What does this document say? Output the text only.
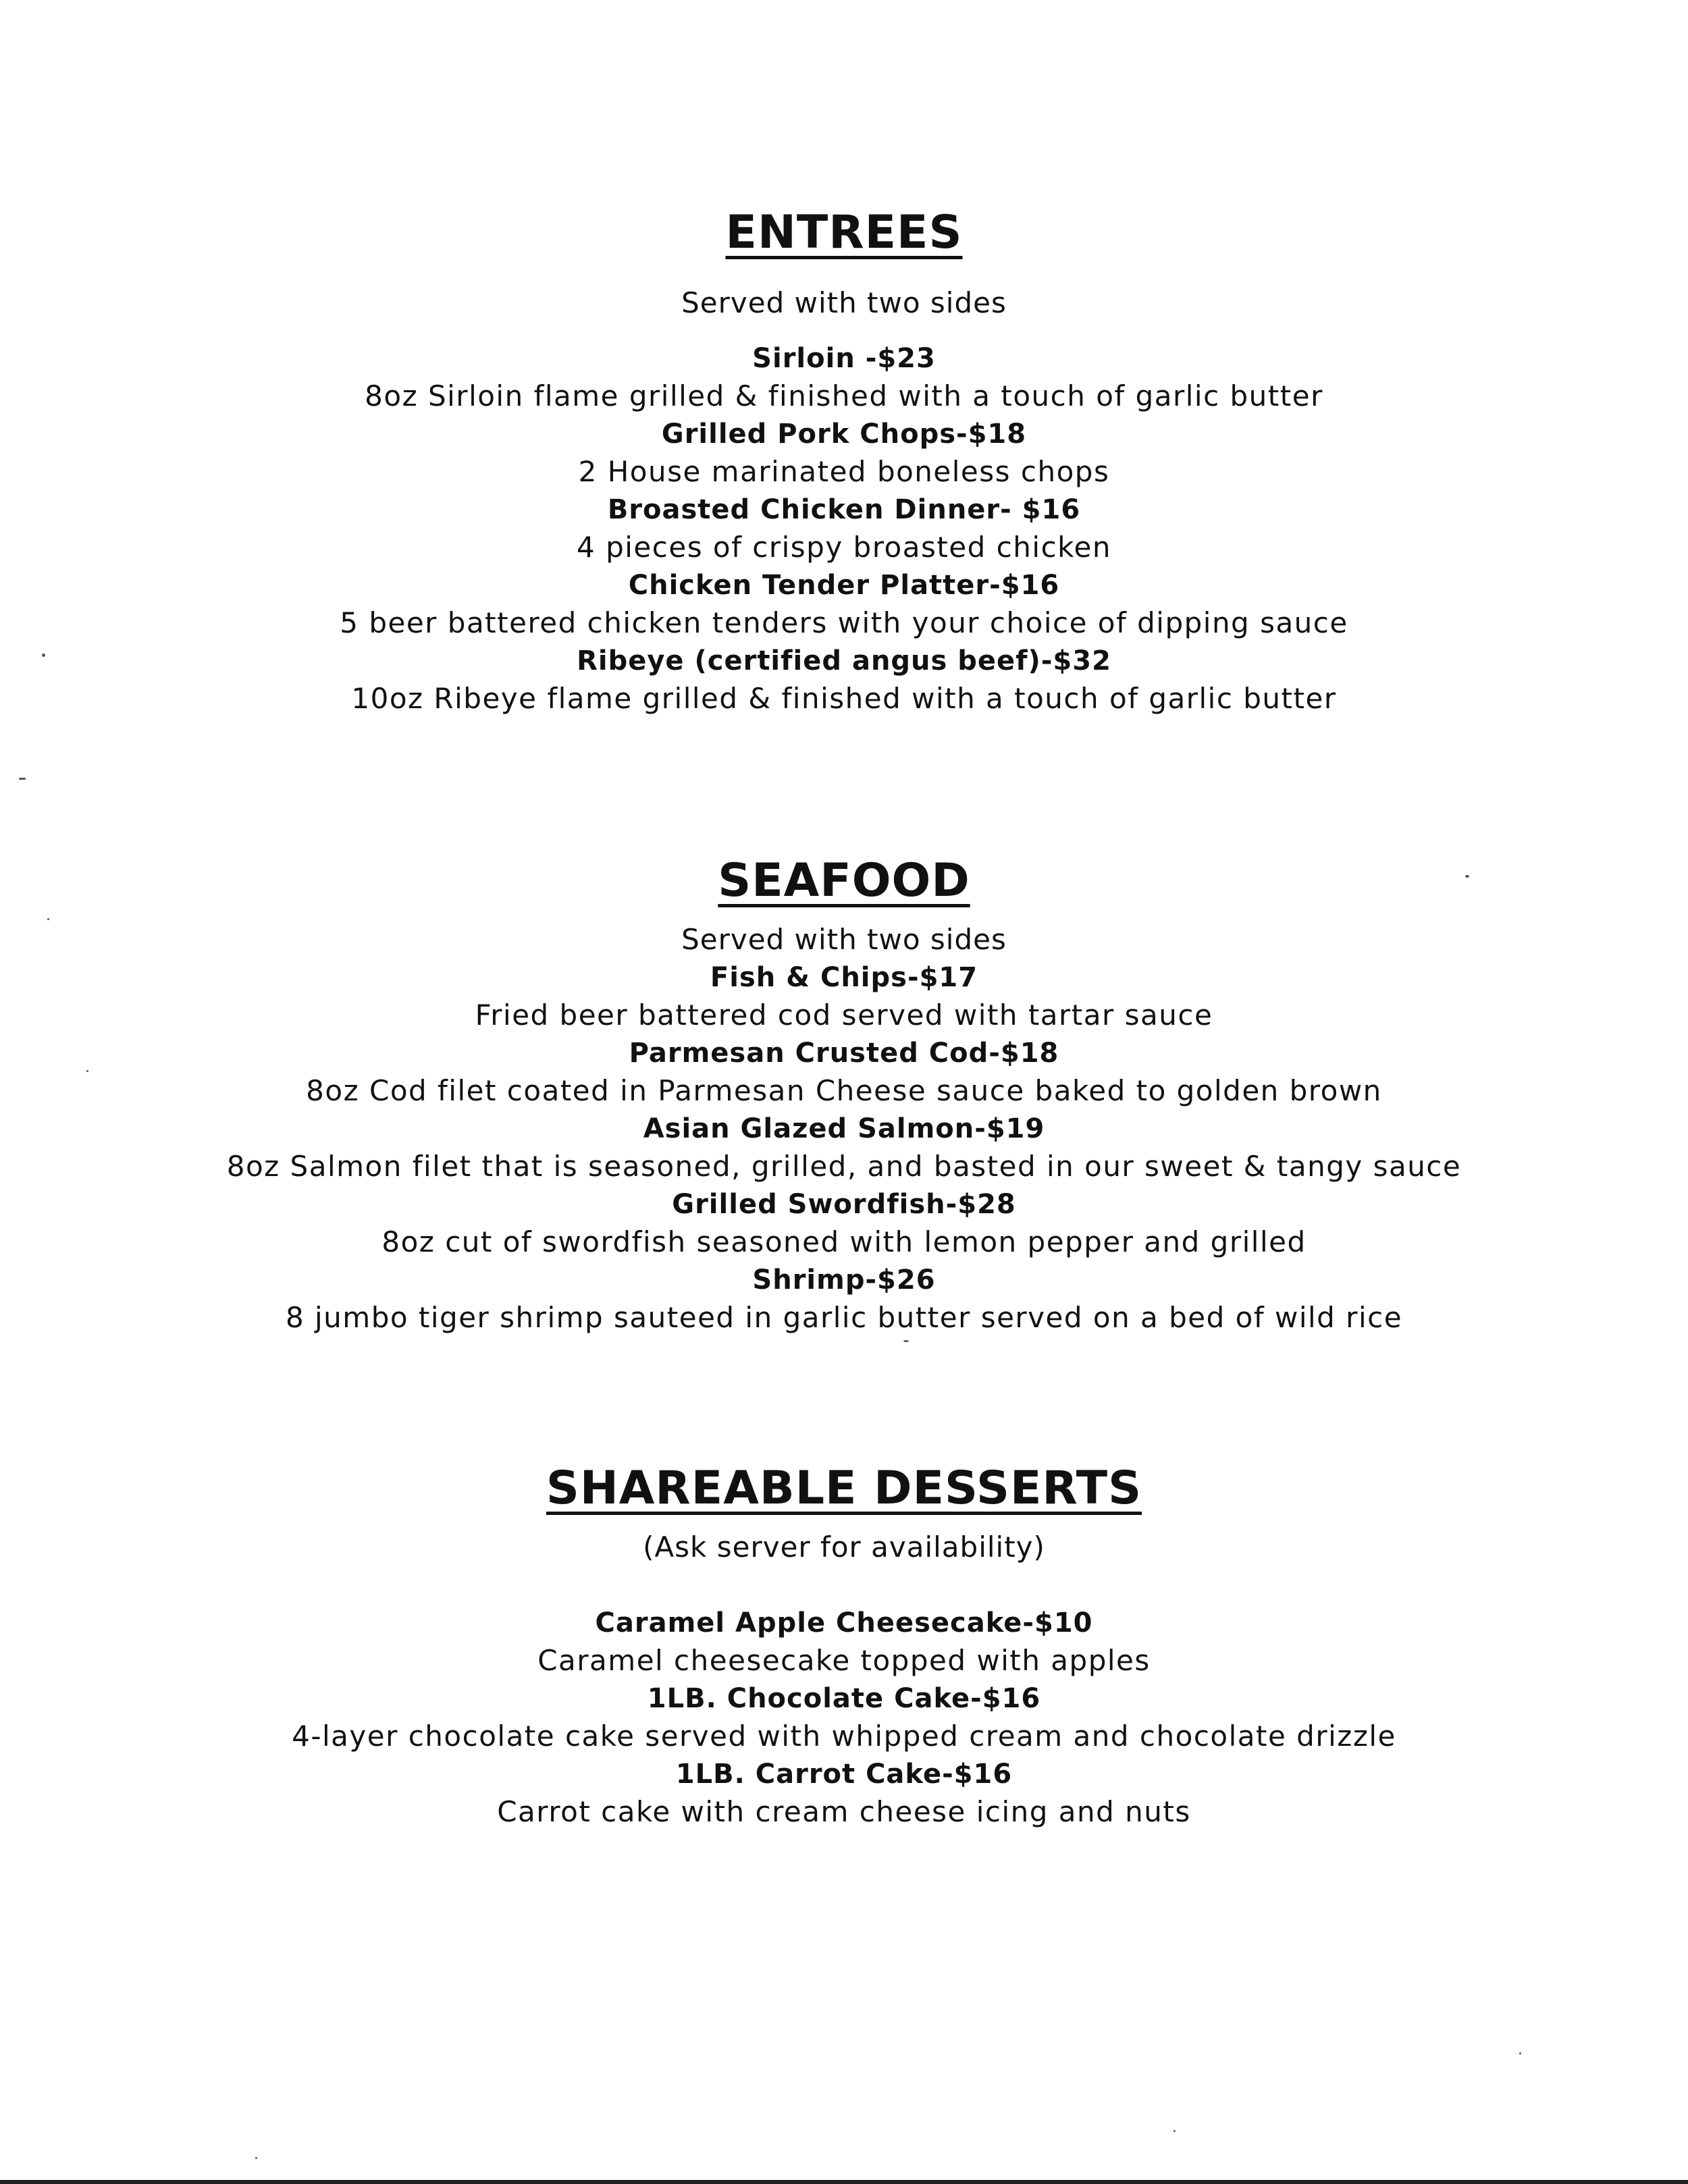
ENTREES

Served with two sides

Sirloin -$23

8oz Sirloin flame grilled & finished with a touch of garlic butter

Grilled Pork Chops-$18

2 House marinated boneless chops

Broasted Chicken Dinner- $16

4 pieces of crispy broasted chicken

Chicken Tender Platter-$16

5 beer battered chicken tenders with your choice of dipping sauce

Ribeye (certified angus beef)-$32

10oz Ribeye flame grilled & finished with a touch of garlic butter

SEAFOOD

Served with two sides

Fish & Chips-$17

Fried beer battered cod served with tartar sauce

Parmesan Crusted Cod-$18

8oz Cod filet coated in Parmesan Cheese sauce baked to golden brown

Asian Glazed Salmon-$19

8oz Salmon filet that is seasoned, grilled, and basted in our sweet & tangy sauce

Grilled Swordfish-$28

8oz cut of swordfish seasoned with lemon pepper and grilled

Shrimp-$26

8 jumbo tiger shrimp sauteed in garlic butter served on a bed of wild rice

SHAREABLE DESSERTS

(Ask server for availability)

Caramel Apple Cheesecake-$10

Caramel cheesecake topped with apples

1LB. Chocolate Cake-$16

4-layer chocolate cake served with whipped cream and chocolate drizzle

1LB. Carrot Cake-$16

Carrot cake with cream cheese icing and nuts
